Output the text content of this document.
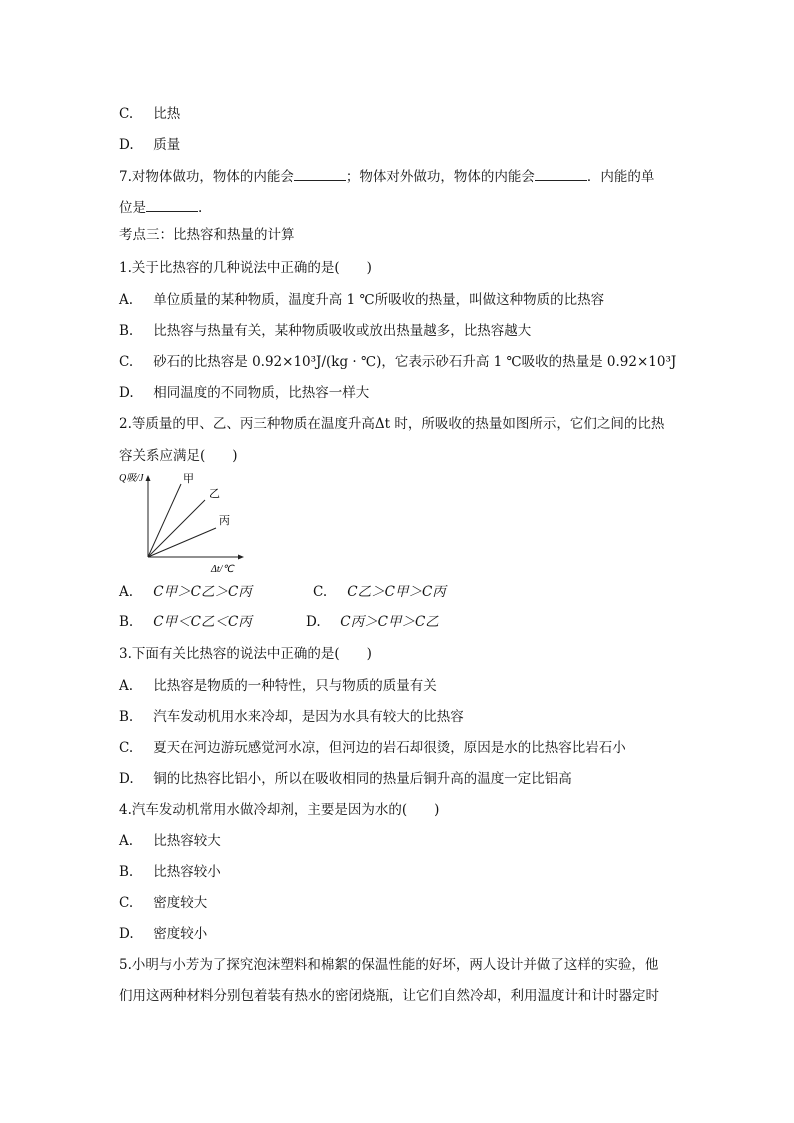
C. 比热
D. 质量
7.对物体做功，物体的内能会	；物体对外做功，物体的内能会	．内能的单
位是	.
考点三：比热容和热量的计算
1.关于比热容的几种说法中正确的是(　　)
A. 单位质量的某种物质，温度升高 1 ℃所吸收的热量，叫做这种物质的比热容
B. 比热容与热量有关，某种物质吸收或放出热量越多，比热容越大
C. 砂石的比热容是 0.92×10³J/(kg · ℃)，它表示砂石升高 1 ℃吸收的热量是 0.92×10³J
D. 相同温度的不同物质，比热容一样大
2.等质量的甲、乙、丙三种物质在温度升高Δt 时，所吸收的热量如图所示，它们之间的比热
容关系应满足(　　)
Q吸/J
Δt/℃
甲
乙
丙
A. C甲＞C乙＞C丙	C. C乙＞C甲＞C丙
B. C甲＜C乙＜C丙	D. C丙＞C甲＞C乙
3.下面有关比热容的说法中正确的是(　　)
A. 比热容是物质的一种特性，只与物质的质量有关
B. 汽车发动机用水来冷却，是因为水具有较大的比热容
C. 夏天在河边游玩感觉河水凉，但河边的岩石却很烫，原因是水的比热容比岩石小
D. 铜的比热容比铝小，所以在吸收相同的热量后铜升高的温度一定比铝高
4.汽车发动机常用水做冷却剂，主要是因为水的(　　)
A. 比热容较大
B. 比热容较小
C. 密度较大
D. 密度较小
5.小明与小芳为了探究泡沫塑料和棉絮的保温性能的好坏，两人设计并做了这样的实验，他
们用这两种材料分别包着装有热水的密闭烧瓶，让它们自然冷却，利用温度计和计时器定时
